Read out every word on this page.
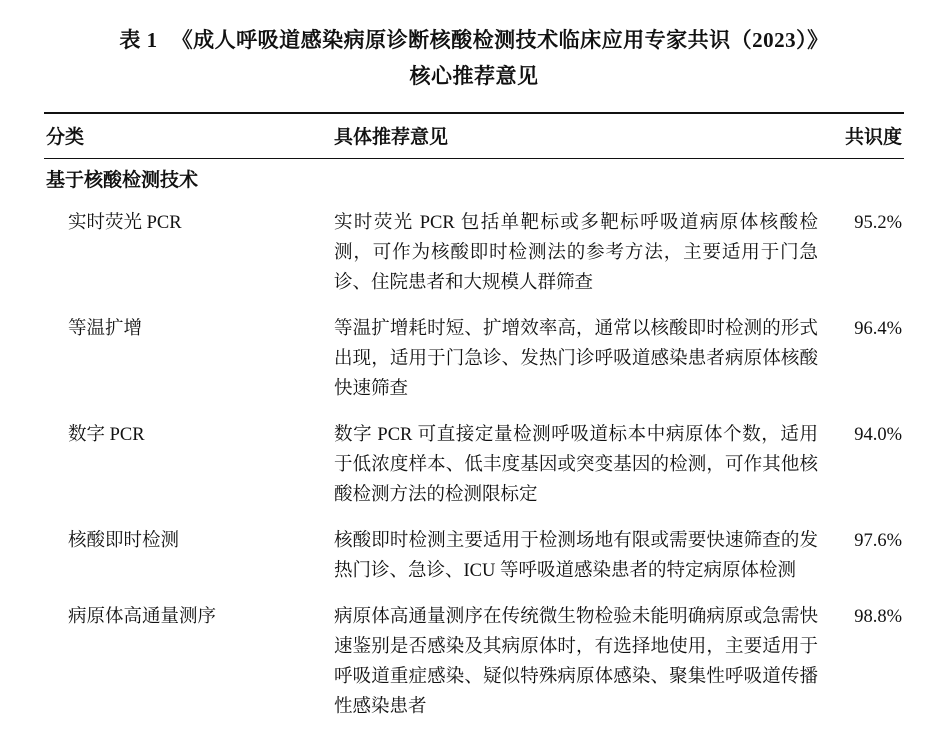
表 1 《成人呼吸道感染病原诊断核酸检测技术临床应用专家共识（2023）》
核心推荐意见
分类	具体推荐意见	共识度
基于核酸检测技术		
实时荧光 PCR	实时荧光 PCR 包括单靶标或多靶标呼吸道病原体核酸检测，可作为核酸即时检测法的参考方法，主要适用于门急诊、住院患者和大规模人群筛查	95.2%
等温扩增	等温扩增耗时短、扩增效率高，通常以核酸即时检测的形式出现，适用于门急诊、发热门诊呼吸道感染患者病原体核酸快速筛查	96.4%
数字 PCR	数字 PCR 可直接定量检测呼吸道标本中病原体个数，适用于低浓度样本、低丰度基因或突变基因的检测，可作其他核酸检测方法的检测限标定	94.0%
核酸即时检测	核酸即时检测主要适用于检测场地有限或需要快速筛查的发热门诊、急诊、ICU 等呼吸道感染患者的特定病原体检测	97.6%
病原体高通量测序	病原体高通量测序在传统微生物检验未能明确病原或急需快速鉴别是否感染及其病原体时，有选择地使用，主要适用于呼吸道重症感染、疑似特殊病原体感染、聚集性呼吸道传播性感染患者	98.8%
